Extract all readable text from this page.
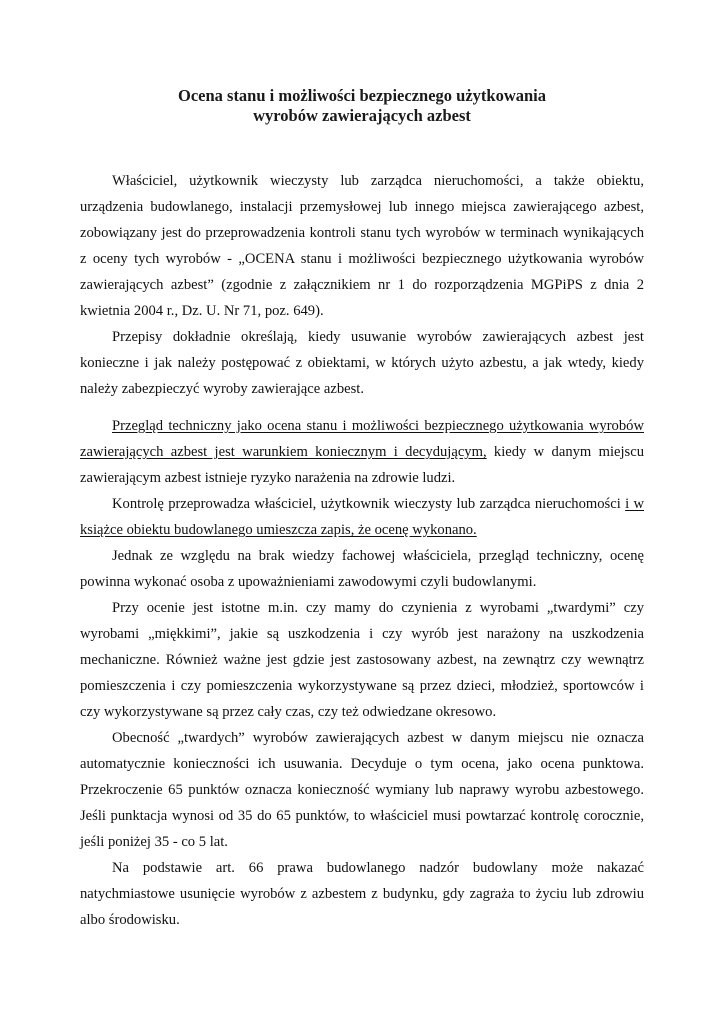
Ocena stanu i możliwości bezpiecznego użytkowania
wyrobów zawierających azbest

Właściciel, użytkownik wieczysty lub zarządca nieruchomości, a także obiektu, urządzenia budowlanego, instalacji przemysłowej lub innego miejsca zawierającego azbest, zobowiązany jest do przeprowadzenia kontroli stanu tych wyrobów w terminach wynikających z oceny tych wyrobów - „OCENA stanu i możliwości bezpiecznego użytkowania wyrobów zawierających azbest” (zgodnie z załącznikiem nr 1 do rozporządzenia MGPiPS z dnia 2 kwietnia 2004 r., Dz. U. Nr 71, poz. 649).

Przepisy dokładnie określają, kiedy usuwanie wyrobów zawierających azbest jest konieczne i jak należy postępować z obiektami, w których użyto azbestu, a jak wtedy, kiedy należy zabezpieczyć wyroby zawierające azbest.

Przegląd techniczny jako ocena stanu i możliwości bezpiecznego użytkowania wyrobów zawierających azbest jest warunkiem koniecznym i decydującym, kiedy w danym miejscu zawierającym azbest istnieje ryzyko narażenia na zdrowie ludzi.

Kontrolę przeprowadza właściciel, użytkownik wieczysty lub zarządca nieruchomości i w książce obiektu budowlanego umieszcza zapis, że ocenę wykonano.

Jednak ze względu na brak wiedzy fachowej właściciela, przegląd techniczny, ocenę powinna wykonać osoba z upoważnieniami zawodowymi czyli budowlanymi.

Przy ocenie jest istotne m.in. czy mamy do czynienia z wyrobami „twardymi” czy wyrobami „miękkimi”, jakie są uszkodzenia i czy wyrób jest narażony na uszkodzenia mechaniczne. Również ważne jest gdzie jest zastosowany azbest, na zewnątrz czy wewnątrz pomieszczenia i czy pomieszczenia wykorzystywane są przez dzieci, młodzież, sportowców i czy wykorzystywane są przez cały czas, czy też odwiedzane okresowo.

Obecność „twardych” wyrobów zawierających azbest w danym miejscu nie oznacza automatycznie konieczności ich usuwania. Decyduje o tym ocena, jako ocena punktowa. Przekroczenie 65 punktów oznacza konieczność wymiany lub naprawy wyrobu azbestowego. Jeśli punktacja wynosi od 35 do 65 punktów, to właściciel musi powtarzać kontrolę corocznie, jeśli poniżej 35 - co 5 lat.

Na podstawie art. 66 prawa budowlanego nadzór budowlany może nakazać natychmiastowe usunięcie wyrobów z azbestem z budynku, gdy zagraża to życiu lub zdrowiu albo środowisku.
